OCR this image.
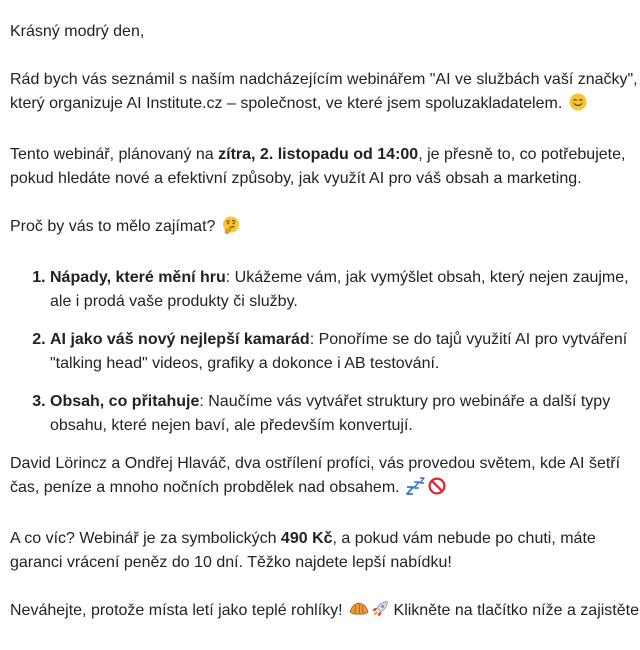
Krásný modrý den,

Rád bych vás seznámil s naším nadcházejícím webinářem "AI ve službách vaší značky",
který organizuje AI Institute.cz – společnost, ve které jsem spoluzakladatelem.

Tento webinář, plánovaný na zítra, 2. listopadu od 14:00, je přesně to, co potřebujete,
pokud hledáte nové a efektivní způsoby, jak využít AI pro váš obsah a marketing.

Proč by vás to mělo zajímat?

1. Nápady, které mění hru: Ukážeme vám, jak vymýšlet obsah, který nejen zaujme,
ale i prodá vaše produkty či služby.
2. AI jako váš nový nejlepší kamarád: Ponoříme se do tajů využití AI pro vytváření
"talking head" videos, grafiky a dokonce i AB testování.
3. Obsah, co přitahuje: Naučíme vás vytvářet struktury pro webináře a další typy
obsahu, které nejen baví, ale především konvertují.

David Lörincz a Ondřej Hlaváč, dva ostřílení profíci, vás provedou světem, kde AI šetří
čas, peníze a mnoho nočních probdělek nad obsahem.

A co víc? Webinář je za symbolických 490 Kč, a pokud vám nebude po chuti, máte
garanci vrácení peněz do 10 dní. Těžko najdete lepší nabídku!

Neváhejte, protože místa letí jako teplé rohlíky!	Klikněte na tlačítko níže a zajistěte
